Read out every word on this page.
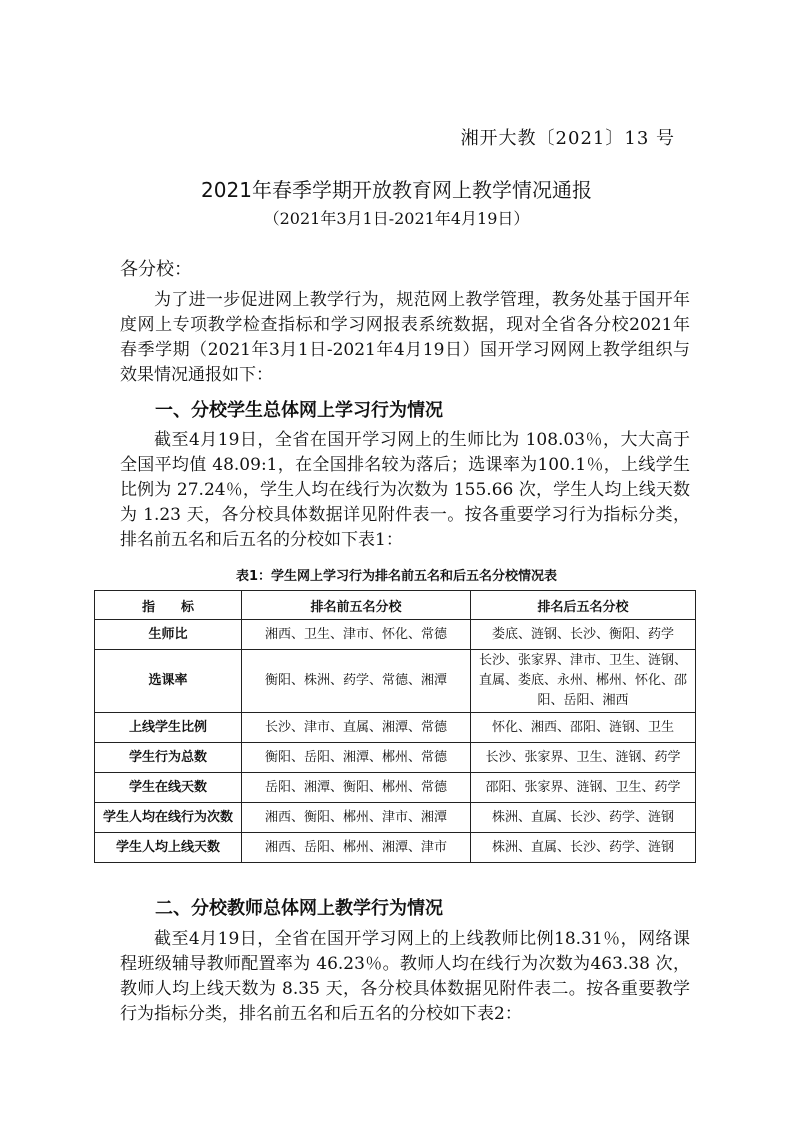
湘开大教〔2021〕13 号
2021年春季学期开放教育网上教学情况通报
（2021年3月1日-2021年4月19日）
各分校：

为了进一步促进网上教学行为，规范网上教学管理，教务处基于国开年度网上专项教学检查指标和学习网报表系统数据，现对全省各分校2021年春季学期（2021年3月1日-2021年4月19日）国开学习网网上教学组织与效果情况通报如下：

一、分校学生总体网上学习行为情况

截至4月19日，全省在国开学习网上的生师比为 108.03％，大大高于全国平均值 48.09:1，在全国排名较为落后；选课率为100.1％，上线学生比例为 27.24％，学生人均在线行为次数为 155.66 次，学生人均上线天数为 1.23 天，各分校具体数据详见附件表一。按各重要学习行为指标分类，排名前五名和后五名的分校如下表1：

表1：学生网上学习行为排名前五名和后五名分校情况表
指　　标	排名前五名分校	排名后五名分校
生师比	湘西、卫生、津市、怀化、常德	娄底、涟钢、长沙、衡阳、药学
选课率	衡阳、株洲、药学、常德、湘潭	长沙、张家界、津市、卫生、涟钢、直属、娄底、永州、郴州、怀化、邵阳、岳阳、湘西
上线学生比例	长沙、津市、直属、湘潭、常德	怀化、湘西、邵阳、涟钢、卫生
学生行为总数	衡阳、岳阳、湘潭、郴州、常德	长沙、张家界、卫生、涟钢、药学
学生在线天数	岳阳、湘潭、衡阳、郴州、常德	邵阳、张家界、涟钢、卫生、药学
学生人均在线行为次数	湘西、衡阳、郴州、津市、湘潭	株洲、直属、长沙、药学、涟钢
学生人均上线天数	湘西、岳阳、郴州、湘潭、津市	株洲、直属、长沙、药学、涟钢
二、分校教师总体网上教学行为情况

截至4月19日，全省在国开学习网上的上线教师比例18.31％，网络课程班级辅导教师配置率为 46.23％。教师人均在线行为次数为463.38 次，教师人均上线天数为 8.35 天，各分校具体数据见附件表二。按各重要教学行为指标分类，排名前五名和后五名的分校如下表2：
